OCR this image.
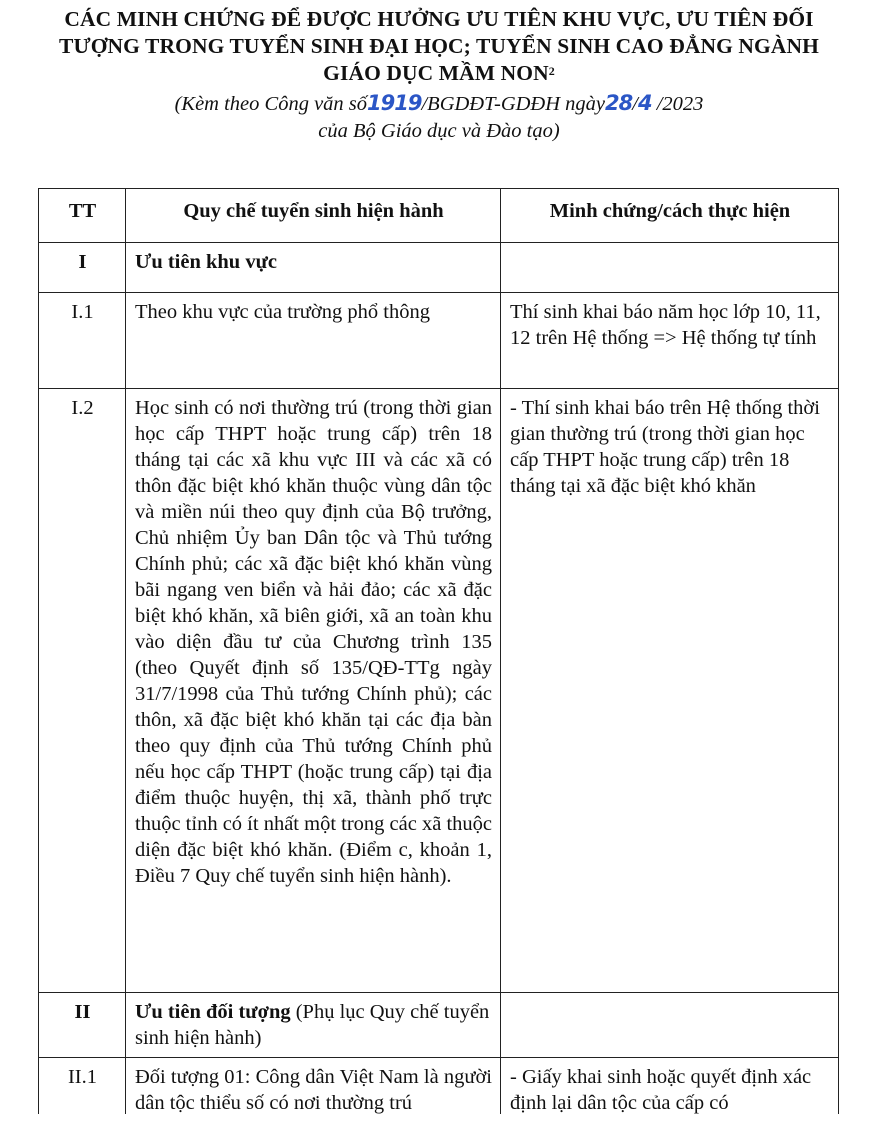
CÁC MINH CHỨNG ĐỂ ĐƯỢC HƯỞNG ƯU TIÊN KHU VỰC, ƯU TIÊN ĐỐI
TƯỢNG TRONG TUYỂN SINH ĐẠI HỌC; TUYỂN SINH CAO ĐẲNG NGÀNH
GIÁO DỤC MẦM NON$^2$
(Kèm theo Công văn số1919/BGDĐT-GDĐH ngày28/4 /2023
của Bộ Giáo dục và Đào tạo)
TT	Quy chế tuyển sinh hiện hành	Minh chứng/cách thực hiện
I	Ưu tiên khu vực	
I.1	Theo khu vực của trường phổ thông	Thí sinh khai báo năm học lớp 10, 11, 12 trên Hệ thống => Hệ thống tự tính
I.2	Học sinh có nơi thường trú (trong thời gian học cấp THPT hoặc trung cấp) trên 18 tháng tại các xã khu vực III và các xã có thôn đặc biệt khó khăn thuộc vùng dân tộc và miền núi theo quy định của Bộ trưởng, Chủ nhiệm Ủy ban Dân tộc và Thủ tướng Chính phủ; các xã đặc biệt khó khăn vùng bãi ngang ven biển và hải đảo; các xã đặc biệt khó khăn, xã biên giới, xã an toàn khu vào diện đầu tư của Chương trình 135 (theo Quyết định số 135/QĐ-TTg ngày 31/7/1998 của Thủ tướng Chính phủ); các thôn, xã đặc biệt khó khăn tại các địa bàn theo quy định của Thủ tướng Chính phủ nếu học cấp THPT (hoặc trung cấp) tại địa điểm thuộc huyện, thị xã, thành phố trực thuộc tỉnh có ít nhất một trong các xã thuộc diện đặc biệt khó khăn. (Điểm c, khoản 1, Điều 7 Quy chế tuyển sinh hiện hành).	- Thí sinh khai báo trên Hệ thống thời gian thường trú (trong thời gian học cấp THPT hoặc trung cấp) trên 18 tháng tại xã đặc biệt khó khăn
II	Ưu tiên đối tượng (Phụ lục Quy chế tuyển sinh hiện hành)	
II.1	Đối tượng 01: Công dân Việt Nam là người dân tộc thiểu số có nơi thường trú	- Giấy khai sinh hoặc quyết định xác định lại dân tộc của cấp có
